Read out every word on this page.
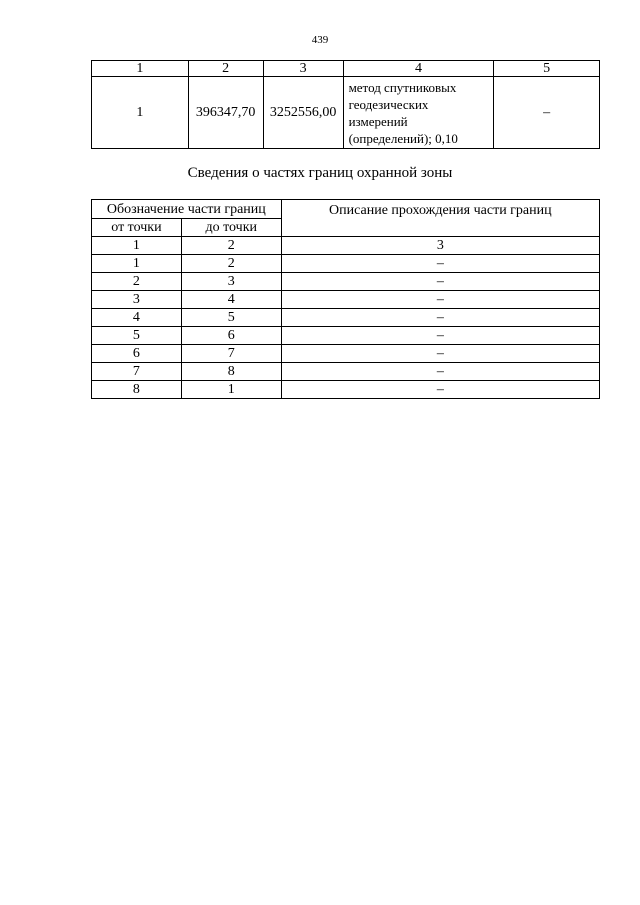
439
1	2	3	4	5
1	396347,70	3252556,00	метод спутниковых
геодезических
измерений
(определений); 0,10	–
Сведения о частях границ охранной зоны
Обозначение части границ		Описание прохождения части границ
от точки	до точки	
1	2	3
1	2	–
2	3	–
3	4	–
4	5	–
5	6	–
6	7	–
7	8	–
8	1	–
